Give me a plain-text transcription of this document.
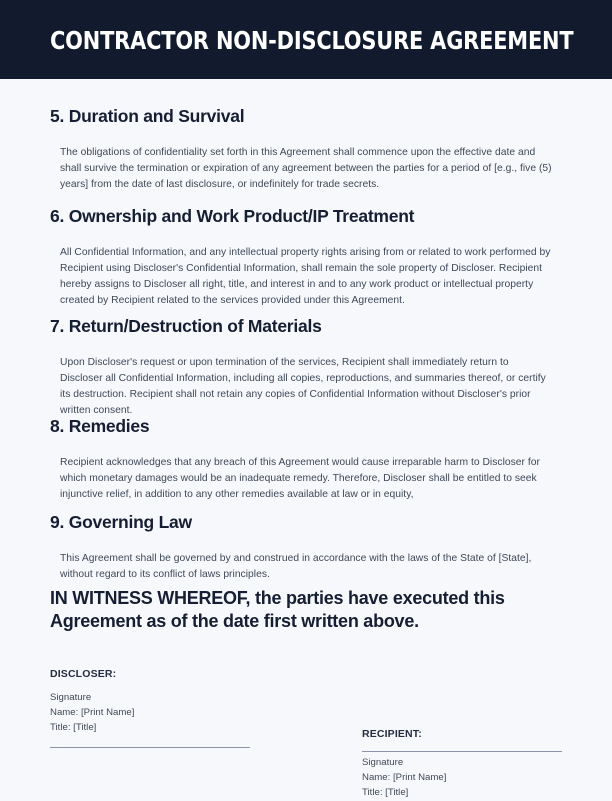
CONTRACTOR NON-DISCLOSURE AGREEMENT
5. Duration and Survival

The obligations of confidentiality set forth in this Agreement shall commence upon the effective date and shall survive the termination or expiration of any agreement between the parties for a period of [e.g., five (5) years] from the date of last disclosure, or indefinitely for trade secrets.

6. Ownership and Work Product/IP Treatment

All Confidential Information, and any intellectual property rights arising from or related to work performed by Recipient using Discloser's Confidential Information, shall remain the sole property of Discloser. Recipient hereby assigns to Discloser all right, title, and interest in and to any work product or intellectual property created by Recipient related to the services provided under this Agreement.

7. Return/Destruction of Materials

Upon Discloser's request or upon termination of the services, Recipient shall immediately return to Discloser all Confidential Information, including all copies, reproductions, and summaries thereof, or certify its destruction. Recipient shall not retain any copies of Confidential Information without Discloser's prior written consent.

8. Remedies

Recipient acknowledges that any breach of this Agreement would cause irreparable harm to Discloser for which monetary damages would be an inadequate remedy. Therefore, Discloser shall be entitled to seek injunctive relief, in addition to any other remedies available at law or in equity,

9. Governing Law

This Agreement shall be governed by and construed in accordance with the laws of the State of [State], without regard to its conflict of laws principles.

IN WITNESS WHEREOF, the parties have executed this Agreement as of the date first written above.
DISCLOSER:

Signature

Name: [Print Name]

Title: [Title]

RECIPIENT:

Signature

Name: [Print Name]

Title: [Title]
